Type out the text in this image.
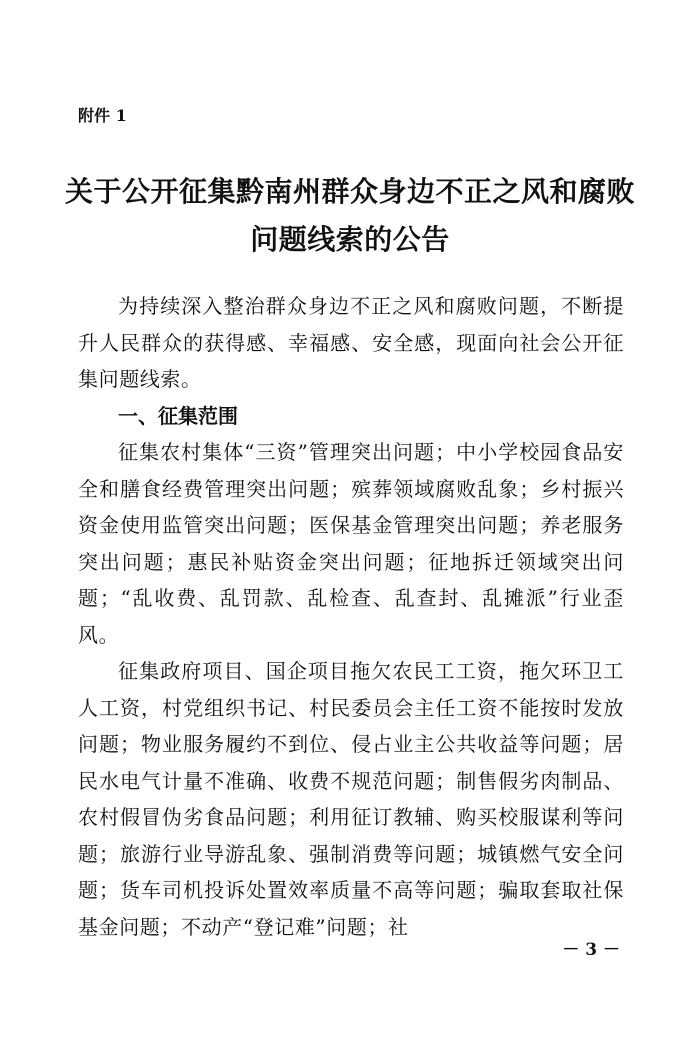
附件 1

关于公开征集黔南州群众身边不正之风和腐败
问题线索的公告

为持续深入整治群众身边不正之风和腐败问题，不断提升人民群众的获得感、幸福感、安全感，现面向社会公开征集问题线索。

一、征集范围

征集农村集体“三资”管理突出问题；中小学校园食品安全和膳食经费管理突出问题；殡葬领域腐败乱象；乡村振兴资金使用监管突出问题；医保基金管理突出问题；养老服务突出问题；惠民补贴资金突出问题；征地拆迁领域突出问题；“乱收费、乱罚款、乱检查、乱查封、乱摊派”行业歪风。

征集政府项目、国企项目拖欠农民工工资，拖欠环卫工人工资，村党组织书记、村民委员会主任工资不能按时发放问题；物业服务履约不到位、侵占业主公共收益等问题；居民水电气计量不准确、收费不规范问题；制售假劣肉制品、农村假冒伪劣食品问题；利用征订教辅、购买校服谋利等问题；旅游行业导游乱象、强制消费等问题；城镇燃气安全问题；货车司机投诉处置效率质量不高等问题；骗取套取社保基金问题；不动产“登记难”问题；社

－ 3 －
